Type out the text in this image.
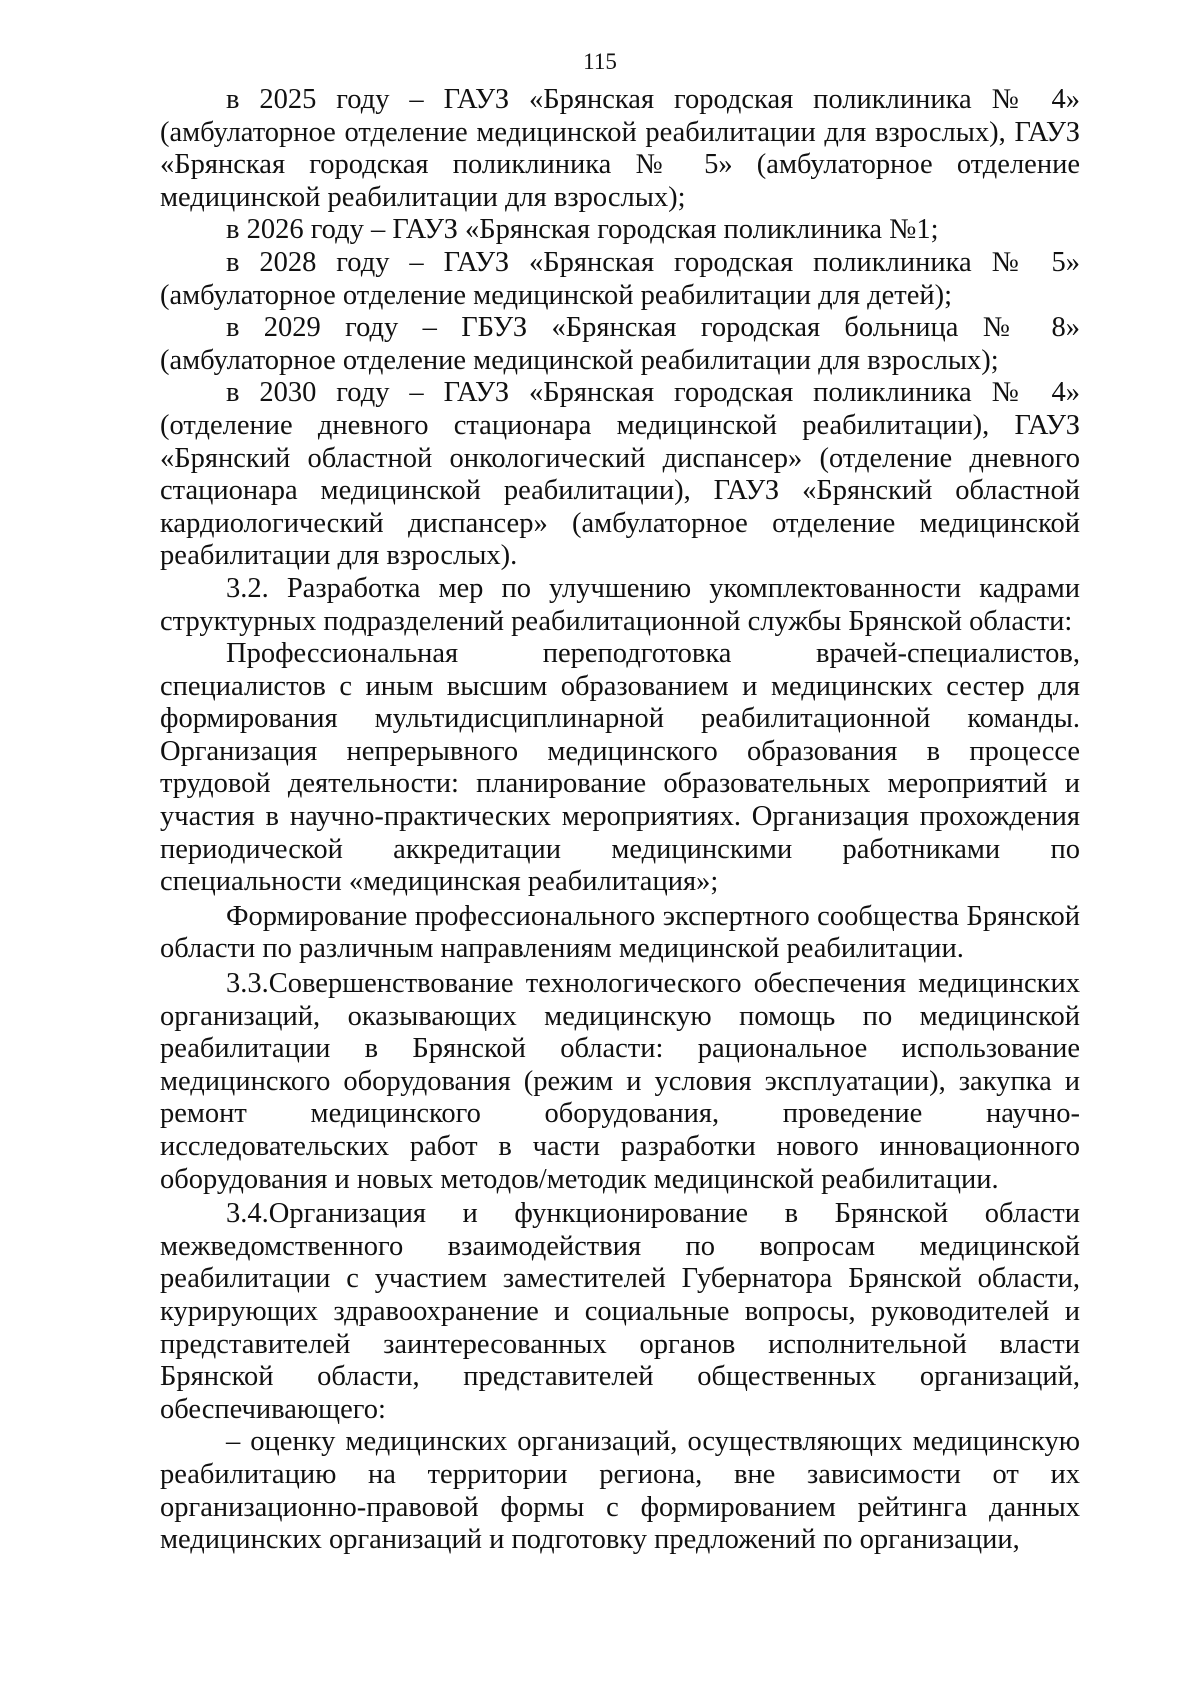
115

в 2025 году – ГАУЗ «Брянская городская поликлиника № 4» (амбулаторное отделение медицинской реабилитации для взрослых), ГАУЗ «Брянская городская поликлиника № 5» (амбулаторное отделение медицинской реабилитации для взрослых);

в 2026 году – ГАУЗ «Брянская городская поликлиника №1;

в 2028 году – ГАУЗ «Брянская городская поликлиника № 5» (амбулаторное отделение медицинской реабилитации для детей);

в 2029 году – ГБУЗ «Брянская городская больница № 8» (амбулаторное отделение медицинской реабилитации для взрослых);

в 2030 году – ГАУЗ «Брянская городская поликлиника № 4» (отделение дневного стационара медицинской реабилитации), ГАУЗ «Брянский областной онкологический диспансер» (отделение дневного стационара медицинской реабилитации), ГАУЗ «Брянский областной кардиологический диспансер» (амбулаторное отделение медицинской реабилитации для взрослых).

3.2. Разработка мер по улучшению укомплектованности кадрами структурных подразделений реабилитационной службы Брянской области:

Профессиональная переподготовка врачей-специалистов, специалистов с иным высшим образованием и медицинских сестер для формирования мультидисциплинарной реабилитационной команды. Организация непрерывного медицинского образования в процессе трудовой деятельности: планирование образовательных мероприятий и участия в научно-практических мероприятиях. Организация прохождения периодической аккредитации медицинскими работниками по специальности «медицинская реабилитация»;

Формирование профессионального экспертного сообщества Брянской области по различным направлениям медицинской реабилитации.

3.3.Совершенствование технологического обеспечения медицинских организаций, оказывающих медицинскую помощь по медицинской реабилитации в Брянской области: рациональное использование медицинского оборудования (режим и условия эксплуатации), закупка и ремонт медицинского оборудования, проведение научно-исследовательских работ в части разработки нового инновационного оборудования и новых методов/методик медицинской реабилитации.

3.4.Организация и функционирование в Брянской области межведомственного взаимодействия по вопросам медицинской реабилитации с участием заместителей Губернатора Брянской области, курирующих здравоохранение и социальные вопросы, руководителей и представителей заинтересованных органов исполнительной власти Брянской области, представителей общественных организаций, обеспечивающего:

– оценку медицинских организаций, осуществляющих медицинскую реабилитацию на территории региона, вне зависимости от их организационно-правовой формы с формированием рейтинга данных медицинских организаций и подготовку предложений по организации,
